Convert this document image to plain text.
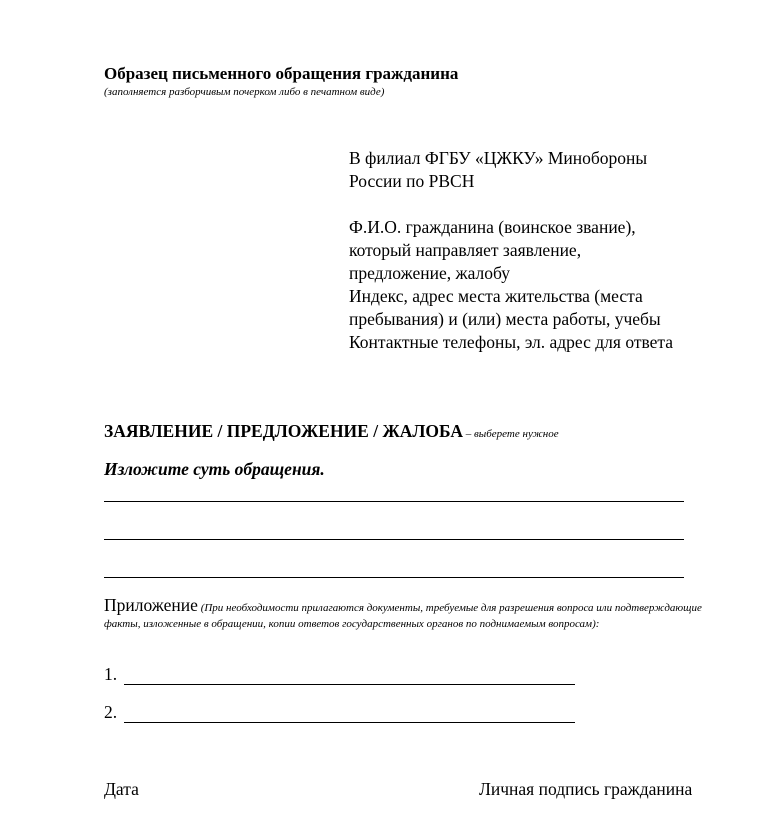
Образец письменного обращения гражданина
(заполняется разборчивым почерком либо в печатном виде)
В филиал ФГБУ «ЦЖКУ» Минобороны
России по РВСН
Ф.И.О. гражданина (воинское звание),
который направляет заявление,
предложение, жалобу
Индекс, адрес места жительства (места
пребывания) и (или) места работы, учебы
Контактные телефоны, эл. адрес для ответа
ЗАЯВЛЕНИЕ / ПРЕДЛОЖЕНИЕ / ЖАЛОБА – выберете нужное
Изложите суть обращения.
Приложение (При необходимости прилагаются документы, требуемые для разрешения вопроса или подтверждающие факты, изложенные в обращении, копии ответов государственных органов по поднимаемым вопросам):
1.
2.
Дата	Личная подпись гражданина
